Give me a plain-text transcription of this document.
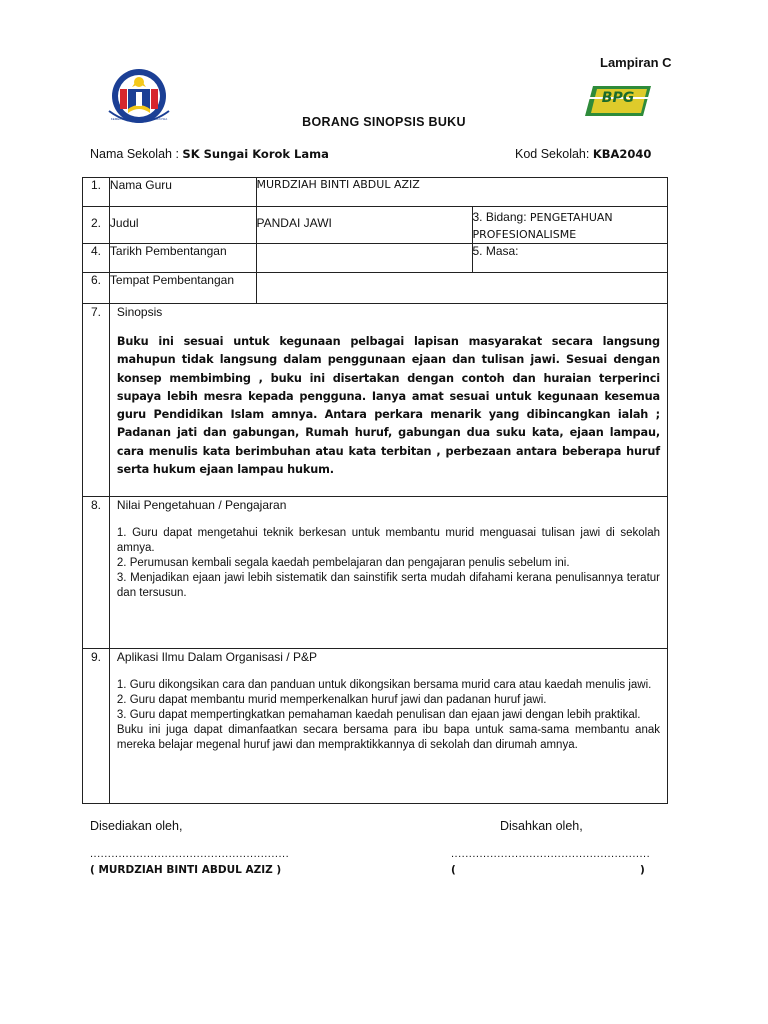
KEMENTERIAN PENDIDIKAN MALAYSIA
Lampiran C
BPG
BORANG SINOPSIS BUKU
Nama Sekolah : SK Sungai Korok Lama	Kod Sekolah: KBA2040
1.	Nama Guru	MURDZIAH BINTI ABDUL AZIZ	
2.	Judul	PANDAI JAWI	3. Bidang: PENGETAHUAN PROFESIONALISME
4.	Tarikh Pembentangan		5. Masa:
6.	Tempat Pembentangan		
7.	Sinopsis
Buku ini sesuai untuk kegunaan pelbagai lapisan masyarakat secara langsung mahupun tidak langsung dalam penggunaan ejaan dan tulisan jawi. Sesuai dengan konsep membimbing , buku ini disertakan dengan contoh dan huraian terperinci supaya lebih mesra kepada pengguna. Ianya amat sesuai untuk kegunaan kesemua guru Pendidikan Islam amnya. Antara perkara menarik yang dibincangkan ialah ; Padanan jati dan gabungan, Rumah huruf, gabungan dua suku kata, ejaan lampau, cara menulis kata berimbuhan atau kata terbitan , perbezaan antara beberapa huruf serta hukum ejaan lampau hukum.		

8.	Nilai Pengetahuan / Pengajaran

1. Guru dapat mengetahui teknik berkesan untuk membantu murid menguasai tulisan jawi di sekolah amnya.

2. Perumusan kembali segala kaedah pembelajaran dan pengajaran penulis sebelum ini.

3. Menjadikan ejaan jawi lebih sistematik dan sainstifik serta mudah difahami kerana penulisannya teratur dan tersusun.		

9.	Aplikasi Ilmu Dalam Organisasi / P&P

1. Guru dikongsikan cara dan panduan untuk dikongsikan bersama murid cara atau kaedah menulis jawi.

2. Guru dapat membantu murid memperkenalkan huruf jawi dan padanan huruf jawi.

3. Guru dapat mempertingkatkan pemahaman kaedah penulisan dan ejaan jawi dengan lebih praktikal.

Buku ini juga dapat dimanfaatkan secara bersama para ibu bapa untuk sama-sama membantu anak mereka belajar megenal huruf jawi dan mempraktikkannya di sekolah dan dirumah amnya.		

Disediakan oleh,	Disahkan oleh,
........................................................	........................................................
( MURDZIAH BINTI ABDUL AZIZ )	(	)
